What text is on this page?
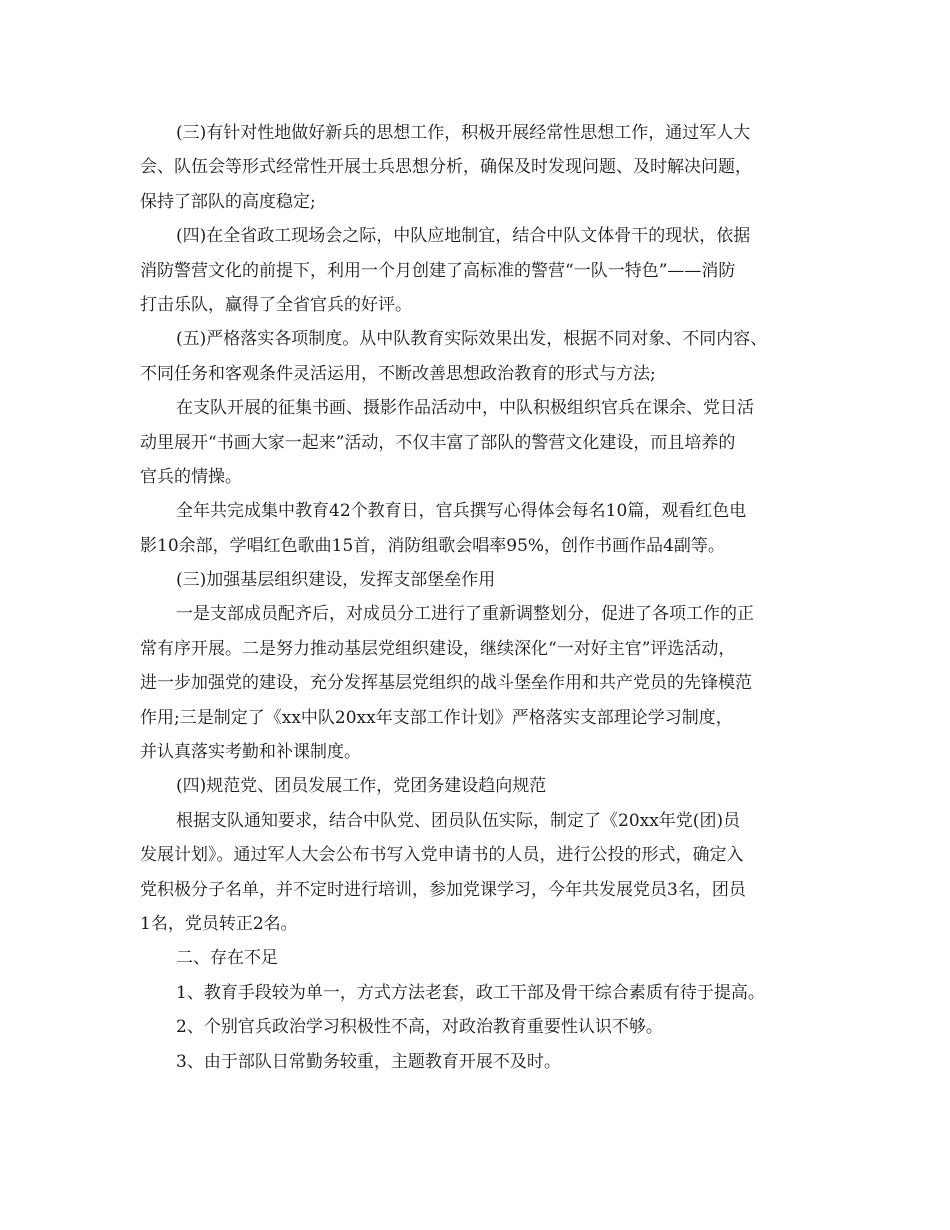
(三)有针对性地做好新兵的思想工作，积极开展经常性思想工作，通过军人大
会、队伍会等形式经常性开展士兵思想分析，确保及时发现问题、及时解决问题，
保持了部队的高度稳定;
(四)在全省政工现场会之际，中队应地制宜，结合中队文体骨干的现状，依据
消防警营文化的前提下，利用一个月创建了高标准的警营“一队一特色”——消防
打击乐队，赢得了全省官兵的好评。
(五)严格落实各项制度。从中队教育实际效果出发，根据不同对象、不同内容、
不同任务和客观条件灵活运用，不断改善思想政治教育的形式与方法;
在支队开展的征集书画、摄影作品活动中，中队积极组织官兵在课余、党日活
动里展开“书画大家一起来”活动，不仅丰富了部队的警营文化建设，而且培养的
官兵的情操。
全年共完成集中教育42个教育日，官兵撰写心得体会每名10篇，观看红色电
影10余部，学唱红色歌曲15首，消防组歌会唱率95%，创作书画作品4副等。
(三)加强基层组织建设，发挥支部堡垒作用
一是支部成员配齐后，对成员分工进行了重新调整划分，促进了各项工作的正
常有序开展。二是努力推动基层党组织建设，继续深化“一对好主官”评选活动，
进一步加强党的建设，充分发挥基层党组织的战斗堡垒作用和共产党员的先锋模范
作用;三是制定了《xx中队20xx年支部工作计划》严格落实支部理论学习制度，
并认真落实考勤和补课制度。
(四)规范党、团员发展工作，党团务建设趋向规范
根据支队通知要求，结合中队党、团员队伍实际，制定了《20xx年党(团)员
发展计划》。通过军人大会公布书写入党申请书的人员，进行公投的形式，确定入
党积极分子名单，并不定时进行培训，参加党课学习，今年共发展党员3名，团员
1名，党员转正2名。
二、存在不足
1、教育手段较为单一，方式方法老套，政工干部及骨干综合素质有待于提高。
2、个别官兵政治学习积极性不高，对政治教育重要性认识不够。
3、由于部队日常勤务较重，主题教育开展不及时。
